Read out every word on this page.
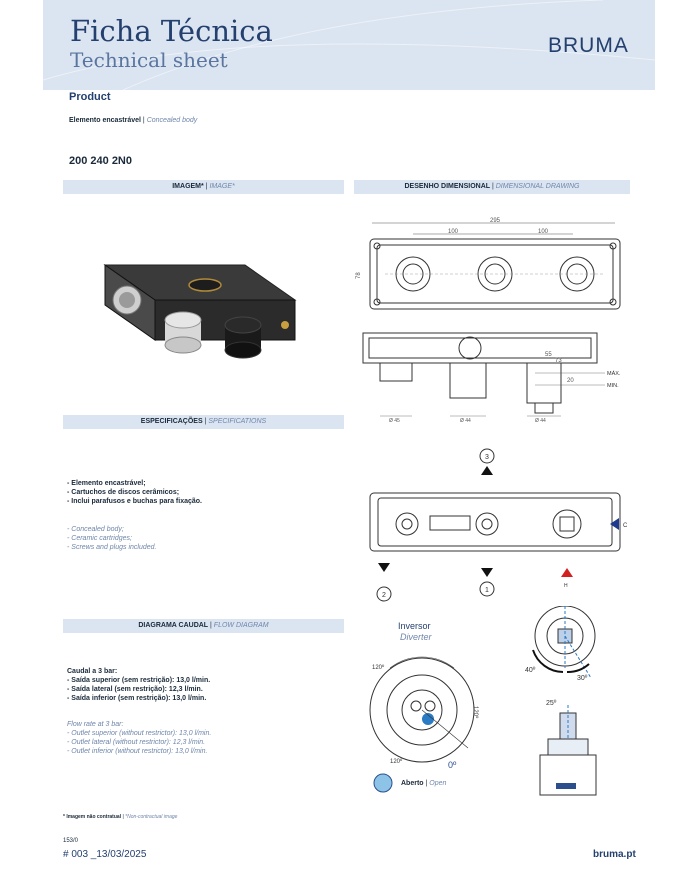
Ficha Técnica
Technical sheet
BRUMA
Product
Elemento encastrável | Concealed body
200 240 2N0
IMAGEM* | IMAGE*	DESENHO DIMENSIONAL | DIMENSIONAL DRAWING
ESPECIFICAÇÕES | SPECIFICATIONS
DIAGRAMA CAUDAL | FLOW DIAGRAM
295
100	100
78
55
73
20
MÁX.
MIN.
Ø 45	Ø 44	Ø 44
3
C
2
1
H
- Elemento encastrável;
- Cartuchos de discos cerâmicos;
- Inclui parafusos e buchas para fixação.
- Concealed body;
- Ceramic cartridges;
- Screws and plugs included.
Caudal a 3 bar:
- Saída superior (sem restrição): 13,0 l/min.
- Saída lateral (sem restrição): 12,3 l/min.
- Saída inferior (sem restrição): 13,0 l/min.
Flow rate at 3 bar:
- Outlet superior (without restrictor): 13,0 l/min.
- Outlet lateral (without restrictor): 12,3 l/min.
- Outlet inferior (without restrictor): 13,0 l/min.
Inversor
Diverter
120º
120º
120º	0º
40º
30º
25º
Aberto | Open
* Imagem não contratual | *Non-contractual image
153/0
# 003 _13/03/2025	bruma.pt
